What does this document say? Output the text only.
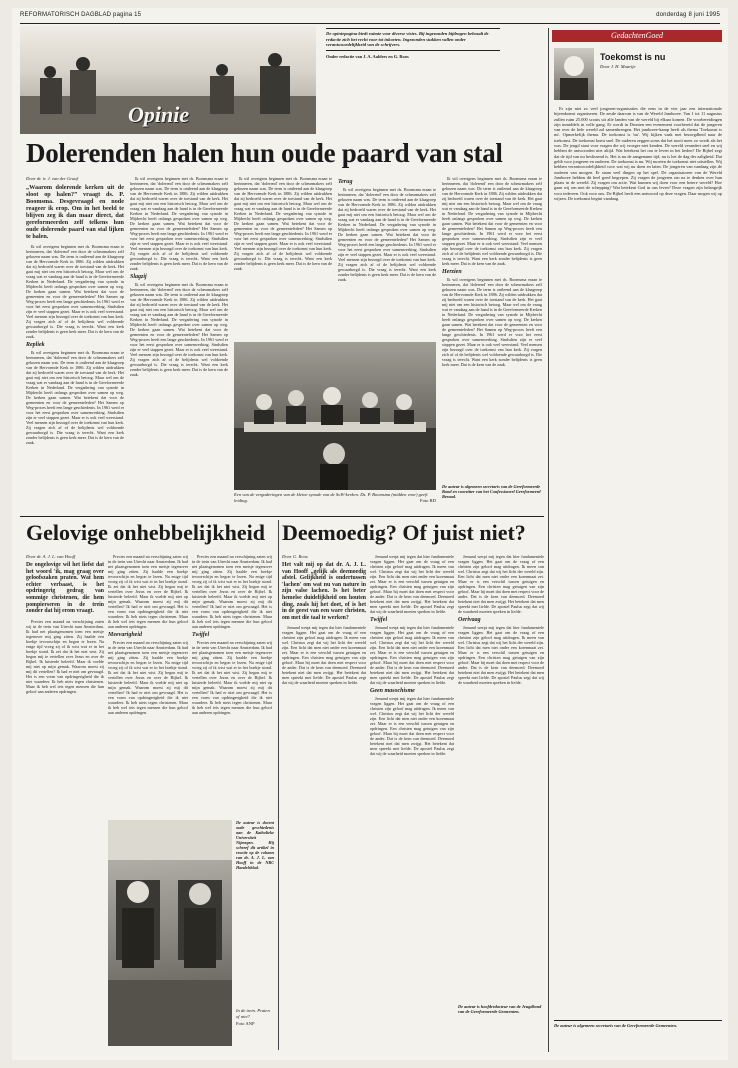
REFORMATORISCH DAGBLAD pagina 15	donderdag 8 juni 1995
Opinie
De opiniepagina biedt ruimte voor diverse visies. Bij ingezonden bijdragen behoudt de redactie zich het recht voor tot inkorten. Ingezonden stukken vallen onder verantwoordelijkheid van de schrijvers.
Onder redactie van J. A. Aalders en G. Roos
GedachtenGoed
Toekomst is nu
Door J. H. Maartje

Er zijn niet zo veel jongeren-organisaties die eens in de vier jaar een internationale bijeenkomst organiseren. De zesde daarvan is van de Wereld Jamboree. Van 1 tot 11 augustus zullen ruim 25.000 scouts uit alle landen van de wereld bij elkaar komen. De voorbereidingen zijn inmiddels in volle gang. Er wordt in Dronten een evenement voorbereid dat de jongeren van over de hele wereld zal samenbrengen. Het jamboree-kamp heeft als thema 'Toekomst is nu'. Opmerkelijk thema. De toekomst is 'nu'. Wij kijken vaak met bezorgdheid naar de toekomst. De toekomst komt snel. De ouderen zeggen soms dat het nooit meer zo wordt als het was. De jeugd staat voor vragen die wij vroeger niet kenden. De wereld verandert snel en wij hebben de antwoorden niet altijd. Wat betekent het om te leven in het heden? De Bijbel zegt dat de tijd van nu beslissend is. Het is nu de aangename tijd, nu is het de dag der zaligheid. Dat geldt voor jongeren en ouderen. De toekomst is nu. Wij moeten de toekomst niet uitstellen. Wij hebben verantwoordelijkheid voor wat wij nu doen en laten. De jongeren van vandaag zijn de ouderen van morgen. Er staan veel dingen op het spel. De organisatoren van de Wereld Jamboree hebben dit heel goed begrepen. Zij vragen de jongeren om na te denken over hun plaats in de wereld. Zij vragen om actie. Wat kunnen wij doen voor een betere wereld? Hoe gaan wij om met de schepping? Wat betekent God in ons leven? Deze vragen zijn belangrijk voor iedereen. Ook voor ons. De Bijbel heeft een antwoord op deze vragen. Daar mogen wij op wijzen. De toekomst begint vandaag.

De auteur is algemeen secretaris van de Gereformeerde Gemeenten.
Dolerenden halen hun oude paard van stal
Door dr. ir. J. van der Graaf
„Waarom dolerende kerken uit de sloot op halen?” vraagt ds. P. Boomsma. Desgevraagd en node reageer ik erop. Om in het beeld te blijven zeg ik dan maar direct, dat gereformeerden zelf telkens hun oude dolerende paard van stal lijken te halen.

Ik wil overigens beginnen met ds. Boomsma eraan te herinneren, dat 'dolerend' een door de scheurmakers zelf gekozen naam was. De term is ontleend aan de klaagroep van de Hervormde Kerk in 1886. Zij wilden uitdrukken dat zij bedroefd waren over de toestand van de kerk. Het gaat mij niet om een historisch betoog. Maar wel om de vraag wat er vandaag aan de hand is in de Gereformeerde Kerken in Nederland. De vergadering van synode in Mijdrecht heeft onlangs gesproken over samen op weg. De kerken gaan samen. Wat betekent dat voor de gemeenten en voor de gemeenteleden? Het Samen op Weg-proces heeft een lange geschiedenis. In 1961 werd er voor het eerst gesproken over samenwerking. Sindsdien zijn er veel stappen gezet. Maar er is ook veel weerstand. Veel mensen zijn bezorgd over de toekomst van hun kerk. Zij vragen zich af of de belijdenis wel voldoende gewaarborgd is. Die vraag is terecht. Want een kerk zonder belijdenis is geen kerk meer. Dat is de kern van de zaak.

Repliek

Ik wil overigens beginnen met ds. Boomsma eraan te herinneren, dat 'dolerend' een door de scheurmakers zelf gekozen naam was. De term is ontleend aan de klaagroep van de Hervormde Kerk in 1886. Zij wilden uitdrukken dat zij bedroefd waren over de toestand van de kerk. Het gaat mij niet om een historisch betoog. Maar wel om de vraag wat er vandaag aan de hand is in de Gereformeerde Kerken in Nederland. De vergadering van synode in Mijdrecht heeft onlangs gesproken over samen op weg. De kerken gaan samen. Wat betekent dat voor de gemeenten en voor de gemeenteleden? Het Samen op Weg-proces heeft een lange geschiedenis. In 1961 werd er voor het eerst gesproken over samenwerking. Sindsdien zijn er veel stappen gezet. Maar er is ook veel weerstand. Veel mensen zijn bezorgd over de toekomst van hun kerk. Zij vragen zich af of de belijdenis wel voldoende gewaarborgd is. Die vraag is terecht. Want een kerk zonder belijdenis is geen kerk meer. Dat is de kern van de zaak.

Ik wil overigens beginnen met ds. Boomsma eraan te herinneren, dat 'dolerend' een door de scheurmakers zelf gekozen naam was. De term is ontleend aan de klaagroep van de Hervormde Kerk in 1886. Zij wilden uitdrukken dat zij bedroefd waren over de toestand van de kerk. Het gaat mij niet om een historisch betoog. Maar wel om de vraag wat er vandaag aan de hand is in de Gereformeerde Kerken in Nederland. De vergadering van synode in Mijdrecht heeft onlangs gesproken over samen op weg. De kerken gaan samen. Wat betekent dat voor de gemeenten en voor de gemeenteleden? Het Samen op Weg-proces heeft een lange geschiedenis. In 1961 werd er voor het eerst gesproken over samenwerking. Sindsdien zijn er veel stappen gezet. Maar er is ook veel weerstand. Veel mensen zijn bezorgd over de toekomst van hun kerk. Zij vragen zich af of de belijdenis wel voldoende gewaarborgd is. Die vraag is terecht. Want een kerk zonder belijdenis is geen kerk meer. Dat is de kern van de zaak.

Slagzij

Ik wil overigens beginnen met ds. Boomsma eraan te herinneren, dat 'dolerend' een door de scheurmakers zelf gekozen naam was. De term is ontleend aan de klaagroep van de Hervormde Kerk in 1886. Zij wilden uitdrukken dat zij bedroefd waren over de toestand van de kerk. Het gaat mij niet om een historisch betoog. Maar wel om de vraag wat er vandaag aan de hand is in de Gereformeerde Kerken in Nederland. De vergadering van synode in Mijdrecht heeft onlangs gesproken over samen op weg. De kerken gaan samen. Wat betekent dat voor de gemeenten en voor de gemeenteleden? Het Samen op Weg-proces heeft een lange geschiedenis. In 1961 werd er voor het eerst gesproken over samenwerking. Sindsdien zijn er veel stappen gezet. Maar er is ook veel weerstand. Veel mensen zijn bezorgd over de toekomst van hun kerk. Zij vragen zich af of de belijdenis wel voldoende gewaarborgd is. Die vraag is terecht. Want een kerk zonder belijdenis is geen kerk meer. Dat is de kern van de zaak.

Ik wil overigens beginnen met ds. Boomsma eraan te herinneren, dat 'dolerend' een door de scheurmakers zelf gekozen naam was. De term is ontleend aan de klaagroep van de Hervormde Kerk in 1886. Zij wilden uitdrukken dat zij bedroefd waren over de toestand van de kerk. Het gaat mij niet om een historisch betoog. Maar wel om de vraag wat er vandaag aan de hand is in de Gereformeerde Kerken in Nederland. De vergadering van synode in Mijdrecht heeft onlangs gesproken over samen op weg. De kerken gaan samen. Wat betekent dat voor de gemeenten en voor de gemeenteleden? Het Samen op Weg-proces heeft een lange geschiedenis. In 1961 werd er voor het eerst gesproken over samenwerking. Sindsdien zijn er veel stappen gezet. Maar er is ook veel weerstand. Veel mensen zijn bezorgd over de toekomst van hun kerk. Zij vragen zich af of de belijdenis wel voldoende gewaarborgd is. Die vraag is terecht. Want een kerk zonder belijdenis is geen kerk meer. Dat is de kern van de zaak.

Terug

Ik wil overigens beginnen met ds. Boomsma eraan te herinneren, dat 'dolerend' een door de scheurmakers zelf gekozen naam was. De term is ontleend aan de klaagroep van de Hervormde Kerk in 1886. Zij wilden uitdrukken dat zij bedroefd waren over de toestand van de kerk. Het gaat mij niet om een historisch betoog. Maar wel om de vraag wat er vandaag aan de hand is in de Gereformeerde Kerken in Nederland. De vergadering van synode in Mijdrecht heeft onlangs gesproken over samen op weg. De kerken gaan samen. Wat betekent dat voor de gemeenten en voor de gemeenteleden? Het Samen op Weg-proces heeft een lange geschiedenis. In 1961 werd er voor het eerst gesproken over samenwerking. Sindsdien zijn er veel stappen gezet. Maar er is ook veel weerstand. Veel mensen zijn bezorgd over de toekomst van hun kerk. Zij vragen zich af of de belijdenis wel voldoende gewaarborgd is. Die vraag is terecht. Want een kerk zonder belijdenis is geen kerk meer. Dat is de kern van de zaak.

Ik wil overigens beginnen met ds. Boomsma eraan te herinneren, dat 'dolerend' een door de scheurmakers zelf gekozen naam was. De term is ontleend aan de klaagroep van de Hervormde Kerk in 1886. Zij wilden uitdrukken dat zij bedroefd waren over de toestand van de kerk. Het gaat mij niet om een historisch betoog. Maar wel om de vraag wat er vandaag aan de hand is in de Gereformeerde Kerken in Nederland. De vergadering van synode in Mijdrecht heeft onlangs gesproken over samen op weg. De kerken gaan samen. Wat betekent dat voor de gemeenten en voor de gemeenteleden? Het Samen op Weg-proces heeft een lange geschiedenis. In 1961 werd er voor het eerst gesproken over samenwerking. Sindsdien zijn er veel stappen gezet. Maar er is ook veel weerstand. Veel mensen zijn bezorgd over de toekomst van hun kerk. Zij vragen zich af of de belijdenis wel voldoende gewaarborgd is. Die vraag is terecht. Want een kerk zonder belijdenis is geen kerk meer. Dat is de kern van de zaak.

Herzien

Ik wil overigens beginnen met ds. Boomsma eraan te herinneren, dat 'dolerend' een door de scheurmakers zelf gekozen naam was. De term is ontleend aan de klaagroep van de Hervormde Kerk in 1886. Zij wilden uitdrukken dat zij bedroefd waren over de toestand van de kerk. Het gaat mij niet om een historisch betoog. Maar wel om de vraag wat er vandaag aan de hand is in de Gereformeerde Kerken in Nederland. De vergadering van synode in Mijdrecht heeft onlangs gesproken over samen op weg. De kerken gaan samen. Wat betekent dat voor de gemeenten en voor de gemeenteleden? Het Samen op Weg-proces heeft een lange geschiedenis. In 1961 werd er voor het eerst gesproken over samenwerking. Sindsdien zijn er veel stappen gezet. Maar er is ook veel weerstand. Veel mensen zijn bezorgd over de toekomst van hun kerk. Zij vragen zich af of de belijdenis wel voldoende gewaarborgd is. Die vraag is terecht. Want een kerk zonder belijdenis is geen kerk meer. Dat is de kern van de zaak.

De auteur is algemeen secretaris van de Gereformeerde Bond en voorzitter van het Confessioneel Gereformeerd Beraad.
Een van de vergaderingen van de kleine synode van de SoW-kerken. Ds. P. Boomsma (midden voor) geeft leiding.	Foto RD
Gelovige onhebbelijkheid
Door dr. A. J. L. van Hooff
De ongelovige wil het liefst dat het woord 'ik, mag graag over geloofszaken praten. Wat hem echter verbaast, is het opdringerig gedrag van sommige christenen, die hem pompierseren in de trein zonder dat hij erom vraagt.

Precies een maand na verschijning zaten wij in de trein van Utrecht naar Amsterdam. Ik had net plaatsgenomen toen een meisje tegenover mij ging zitten. Zij haalde een boekje tevoorschijn en begon te lezen. Na enige tijd vroeg zij of ik wist wat er in het boekje stond. Ik zei dat ik het niet wist. Zij begon mij te vertellen over Jezus en over de Bijbel. Ik luisterde beleefd. Maar ik voelde mij niet op mijn gemak. Waarom moest zij mij dit vertellen? Ik had er niet om gevraagd. Het is een vorm van opdringerigheid die ik niet waardeer. Ik heb niets tegen christenen. Maar ik heb wel iets tegen mensen die hun geloof aan anderen opdringen.

Precies een maand na verschijning zaten wij in de trein van Utrecht naar Amsterdam. Ik had net plaatsgenomen toen een meisje tegenover mij ging zitten. Zij haalde een boekje tevoorschijn en begon te lezen. Na enige tijd vroeg zij of ik wist wat er in het boekje stond. Ik zei dat ik het niet wist. Zij begon mij te vertellen over Jezus en over de Bijbel. Ik luisterde beleefd. Maar ik voelde mij niet op mijn gemak. Waarom moest zij mij dit vertellen? Ik had er niet om gevraagd. Het is een vorm van opdringerigheid die ik niet waardeer. Ik heb niets tegen christenen. Maar ik heb wel iets tegen mensen die hun geloof aan anderen opdringen.

Meevarigheid

Precies een maand na verschijning zaten wij in de trein van Utrecht naar Amsterdam. Ik had net plaatsgenomen toen een meisje tegenover mij ging zitten. Zij haalde een boekje tevoorschijn en begon te lezen. Na enige tijd vroeg zij of ik wist wat er in het boekje stond. Ik zei dat ik het niet wist. Zij begon mij te vertellen over Jezus en over de Bijbel. Ik luisterde beleefd. Maar ik voelde mij niet op mijn gemak. Waarom moest zij mij dit vertellen? Ik had er niet om gevraagd. Het is een vorm van opdringerigheid die ik niet waardeer. Ik heb niets tegen christenen. Maar ik heb wel iets tegen mensen die hun geloof aan anderen opdringen.

Precies een maand na verschijning zaten wij in de trein van Utrecht naar Amsterdam. Ik had net plaatsgenomen toen een meisje tegenover mij ging zitten. Zij haalde een boekje tevoorschijn en begon te lezen. Na enige tijd vroeg zij of ik wist wat er in het boekje stond. Ik zei dat ik het niet wist. Zij begon mij te vertellen over Jezus en over de Bijbel. Ik luisterde beleefd. Maar ik voelde mij niet op mijn gemak. Waarom moest zij mij dit vertellen? Ik had er niet om gevraagd. Het is een vorm van opdringerigheid die ik niet waardeer. Ik heb niets tegen christenen. Maar ik heb wel iets tegen mensen die hun geloof aan anderen opdringen.

Twijfel

Precies een maand na verschijning zaten wij in de trein van Utrecht naar Amsterdam. Ik had net plaatsgenomen toen een meisje tegenover mij ging zitten. Zij haalde een boekje tevoorschijn en begon te lezen. Na enige tijd vroeg zij of ik wist wat er in het boekje stond. Ik zei dat ik het niet wist. Zij begon mij te vertellen over Jezus en over de Bijbel. Ik luisterde beleefd. Maar ik voelde mij niet op mijn gemak. Waarom moest zij mij dit vertellen? Ik had er niet om gevraagd. Het is een vorm van opdringerigheid die ik niet waardeer. Ik heb niets tegen christenen. Maar ik heb wel iets tegen mensen die hun geloof aan anderen opdringen.

In de trein. Praten of niet?
Foto ANP
De auteur is docent oude geschiedenis aan de Katholieke Universiteit Nijmegen. Hij schreef dit artikel in reactie op de column van dr. A. J. L. van Hooff in de NRC Handelsblad.
Deemoedig? Of juist niet?
Door G. Roos
Het valt mij op dat dr. A. J. L. van Hooff „gelijk als deemoedig afstel. Gelijkheid is ondertussen 'lachen' om wat nu van nature in zijn valse lachen. Is het beter hemelse duidelijkheid om houten ding, zoals hij het doet, of is het in de geest van een ware christen, om met die taal te werken?

Jemand werpt mij tegen dat hier fundamentele vragen liggen. Het gaat om de vraag of een christen zijn geloof mag uitdragen. Ik meen van wel. Christus zegt dat wij het licht der wereld zijn. Een licht dat men niet onder een korenmaat zet. Maar er is een verschil tussen getuigen en opdringen. Een christen mag getuigen van zijn geloof. Maar hij moet dat doen met respect voor de ander. Dat is de kern van deemoed. Deemoed betekent niet dat men zwijgt. Het betekent dat men spreekt met liefde. De apostel Paulus zegt dat wij de waarheid moeten spreken in liefde.

Jemand werpt mij tegen dat hier fundamentele vragen liggen. Het gaat om de vraag of een christen zijn geloof mag uitdragen. Ik meen van wel. Christus zegt dat wij het licht der wereld zijn. Een licht dat men niet onder een korenmaat zet. Maar er is een verschil tussen getuigen en opdringen. Een christen mag getuigen van zijn geloof. Maar hij moet dat doen met respect voor de ander. Dat is de kern van deemoed. Deemoed betekent niet dat men zwijgt. Het betekent dat men spreekt met liefde. De apostel Paulus zegt dat wij de waarheid moeten spreken in liefde.

Twijfel

Jemand werpt mij tegen dat hier fundamentele vragen liggen. Het gaat om de vraag of een christen zijn geloof mag uitdragen. Ik meen van wel. Christus zegt dat wij het licht der wereld zijn. Een licht dat men niet onder een korenmaat zet. Maar er is een verschil tussen getuigen en opdringen. Een christen mag getuigen van zijn geloof. Maar hij moet dat doen met respect voor de ander. Dat is de kern van deemoed. Deemoed betekent niet dat men zwijgt. Het betekent dat men spreekt met liefde. De apostel Paulus zegt dat wij de waarheid moeten spreken in liefde.

Geen masochisme

Jemand werpt mij tegen dat hier fundamentele vragen liggen. Het gaat om de vraag of een christen zijn geloof mag uitdragen. Ik meen van wel. Christus zegt dat wij het licht der wereld zijn. Een licht dat men niet onder een korenmaat zet. Maar er is een verschil tussen getuigen en opdringen. Een christen mag getuigen van zijn geloof. Maar hij moet dat doen met respect voor de ander. Dat is de kern van deemoed. Deemoed betekent niet dat men zwijgt. Het betekent dat men spreekt met liefde. De apostel Paulus zegt dat wij de waarheid moeten spreken in liefde.

Jemand werpt mij tegen dat hier fundamentele vragen liggen. Het gaat om de vraag of een christen zijn geloof mag uitdragen. Ik meen van wel. Christus zegt dat wij het licht der wereld zijn. Een licht dat men niet onder een korenmaat zet. Maar er is een verschil tussen getuigen en opdringen. Een christen mag getuigen van zijn geloof. Maar hij moet dat doen met respect voor de ander. Dat is de kern van deemoed. Deemoed betekent niet dat men zwijgt. Het betekent dat men spreekt met liefde. De apostel Paulus zegt dat wij de waarheid moeten spreken in liefde.

Oerivaag

Jemand werpt mij tegen dat hier fundamentele vragen liggen. Het gaat om de vraag of een christen zijn geloof mag uitdragen. Ik meen van wel. Christus zegt dat wij het licht der wereld zijn. Een licht dat men niet onder een korenmaat zet. Maar er is een verschil tussen getuigen en opdringen. Een christen mag getuigen van zijn geloof. Maar hij moet dat doen met respect voor de ander. Dat is de kern van deemoed. Deemoed betekent niet dat men zwijgt. Het betekent dat men spreekt met liefde. De apostel Paulus zegt dat wij de waarheid moeten spreken in liefde.

De auteur is hoofdredacteur van de Jeugdbond van de Gereformeerde Gemeenten.
